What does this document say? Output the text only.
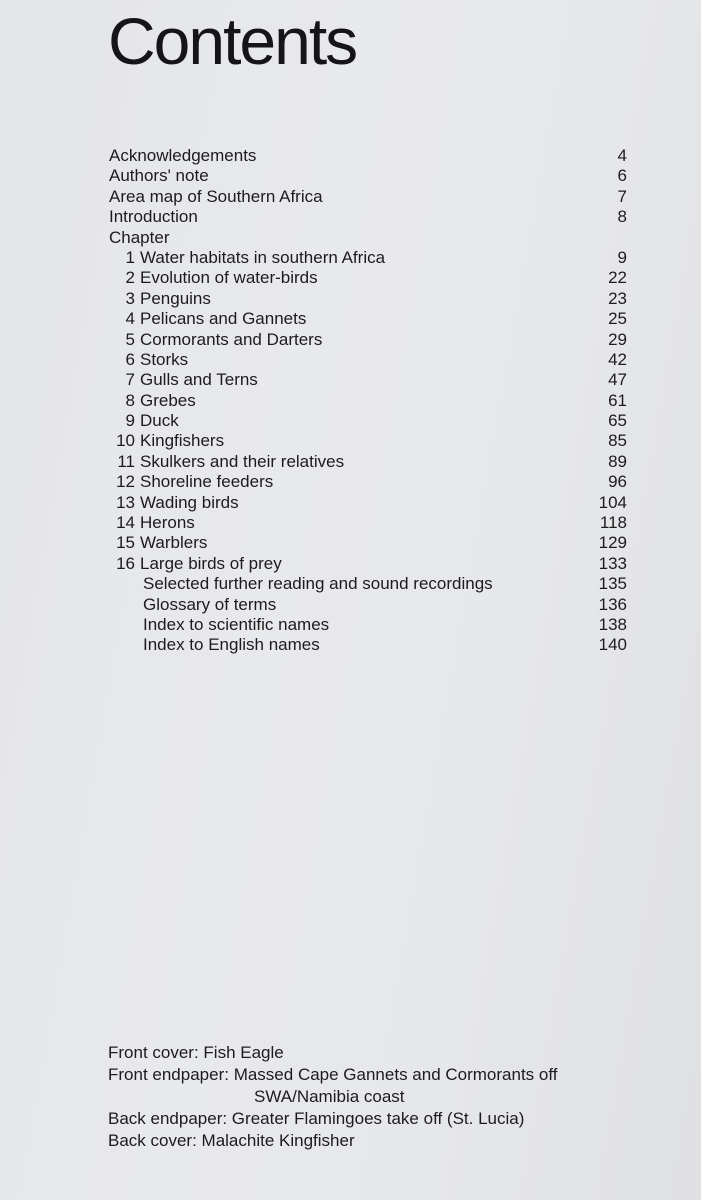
Contents
Acknowledgements	4
Authors' note	6
Area map of Southern Africa	7
Introduction	8
Chapter
1 Water habitats in southern Africa	9
2 Evolution of water-birds	22
3 Penguins	23
4 Pelicans and Gannets	25
5 Cormorants and Darters	29
6 Storks	42
7 Gulls and Terns	47
8 Grebes	61
9 Duck	65
10 Kingfishers	85
11 Skulkers and their relatives	89
12 Shoreline feeders	96
13 Wading birds	104
14 Herons	118
15 Warblers	129
16 Large birds of prey	133
Selected further reading and sound recordings	135
Glossary of terms	136
Index to scientific names	138
Index to English names	140
Front cover: Fish Eagle
Front endpaper: Massed Cape Gannets and Cormorants off
SWA/Namibia coast
Back endpaper: Greater Flamingoes take off (St. Lucia)
Back cover: Malachite Kingfisher
